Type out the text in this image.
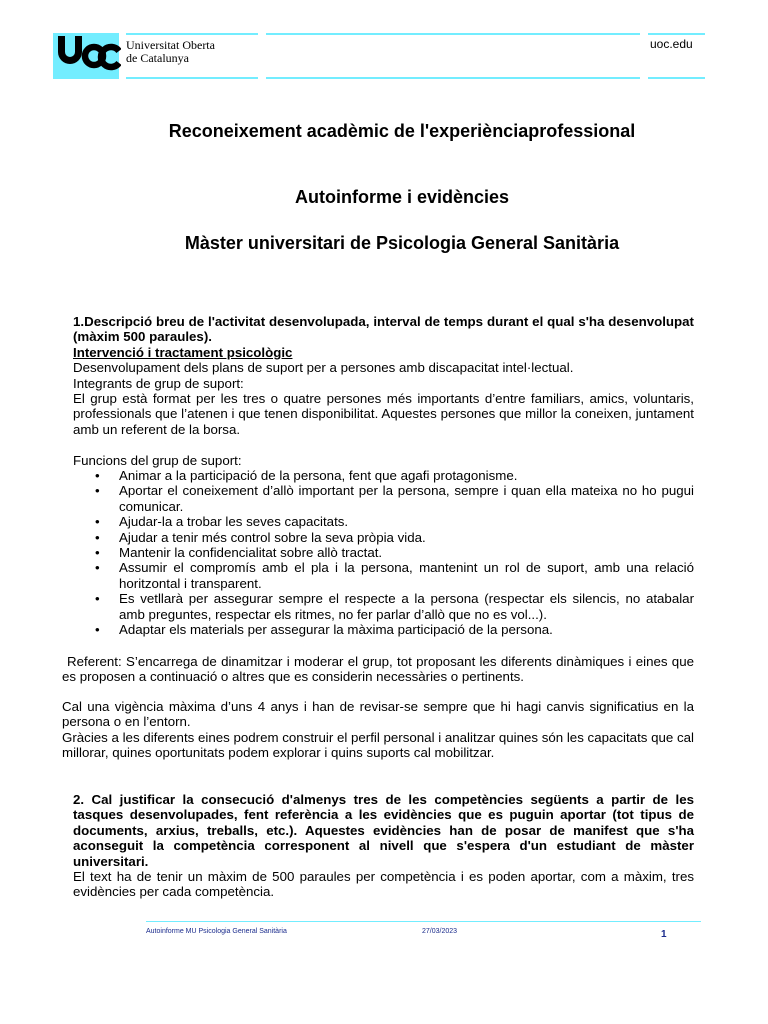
Universitat Oberta
de Catalunya
uoc.edu
Reconeixement acadèmic de l'experiènciaprofessional
Autoinforme i evidències
Màster universitari de Psicologia General Sanitària

1.Descripció breu de l'activitat desenvolupada, interval de temps durant el qual s'ha desenvolupat (màxim 500 paraules).

Intervenció i tractament psicològic

Desenvolupament dels plans de suport per a persones amb discapacitat intel·lectual.

Integrants de grup de suport:

El grup està format per les tres o quatre persones més importants d’entre familiars, amics, voluntaris, professionals que l’atenen i que tenen disponibilitat. Aquestes persones que millor la coneixen, juntament amb un referent de la borsa.

Funcions del grup de suport:

• Animar a la participació de la persona, fent que agafi protagonisme.
• Aportar el coneixement d’allò important per la persona, sempre i quan ella mateixa no ho pugui comunicar.
• Ajudar-la a trobar les seves capacitats.
• Ajudar a tenir més control sobre la seva pròpia vida.
• Mantenir la confidencialitat sobre allò tractat.
• Assumir el compromís amb el pla i la persona, mantenint un rol de suport, amb una relació horitzontal i transparent.
• Es vetllarà per assegurar sempre el respecte a la persona (respectar els silencis, no atabalar amb preguntes, respectar els ritmes, no fer parlar d’allò que no es vol...).
• Adaptar els materials per assegurar la màxima participació de la persona.

Referent: S’encarrega de dinamitzar i moderar el grup, tot proposant les diferents dinàmiques i eines que es proposen a continuació o altres que es considerin necessàries o pertinents.

Cal una vigència màxima d’uns 4 anys i han de revisar-se sempre que hi hagi canvis significatius en la persona o en l’entorn.

Gràcies a les diferents eines podrem construir el perfil personal i analitzar quines són les capacitats que cal millorar, quines oportunitats podem explorar i quins suports cal mobilitzar.

2. Cal justificar la consecució d'almenys tres de les competències següents a partir de les tasques desenvolupades, fent referència a les evidències que es puguin aportar (tot tipus de documents, arxius, treballs, etc.). Aquestes evidències han de posar de manifest que s'ha aconseguit la competència corresponent al nivell que s'espera d'un estudiant de màster universitari.

El text ha de tenir un màxim de 500 paraules per competència i es poden aportar, com a màxim, tres evidències per cada competència.

Autoinforme MU Psicologia General Sanitària	27/03/2023	1
